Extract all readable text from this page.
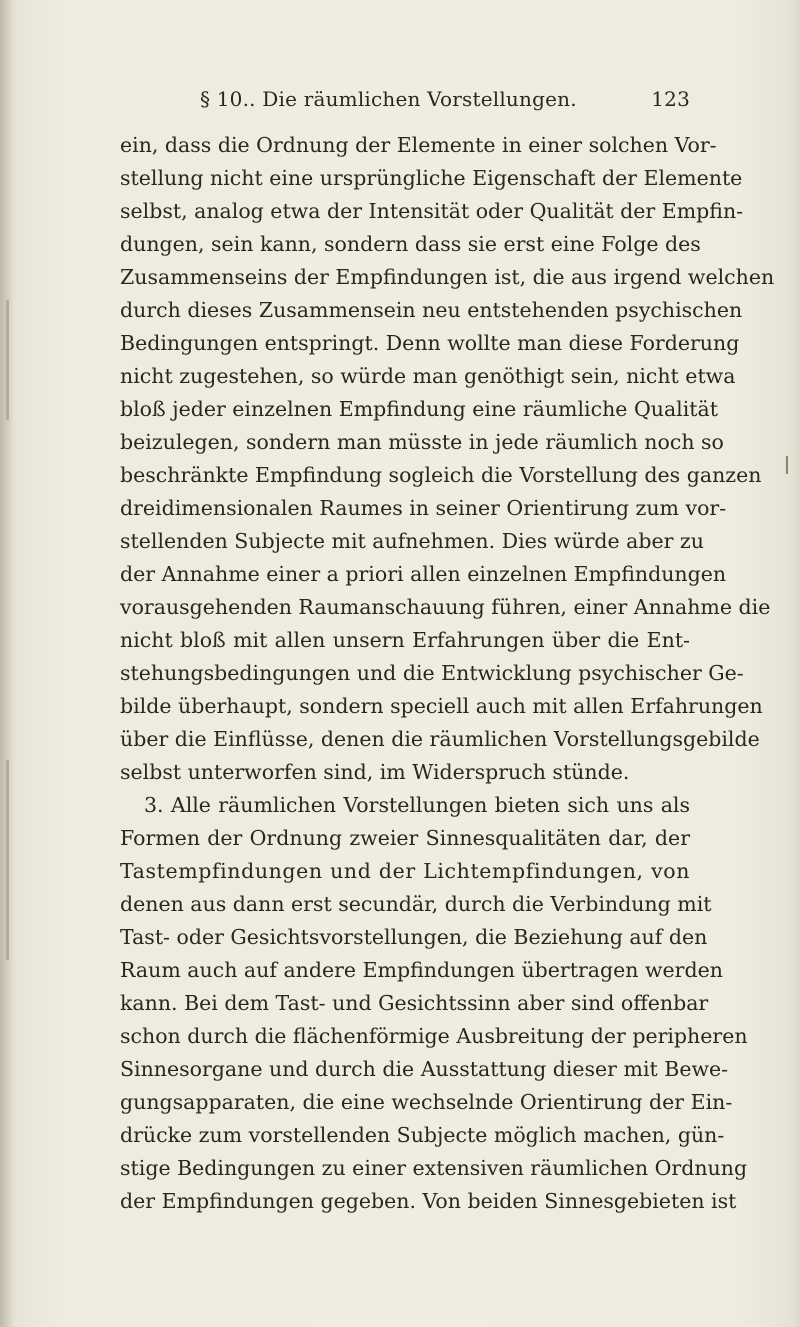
§ 10.. Die räumlichen Vorstellungen.	123
ein, dass die Ordnung der Elemente in einer solchen Vor-
stellung nicht eine ursprüngliche Eigenschaft der Elemente
selbst, analog etwa der Intensität oder Qualität der Empfin-
dungen, sein kann, sondern dass sie erst eine Folge des
Zusammenseins der Empfindungen ist, die aus irgend welchen
durch dieses Zusammensein neu entstehenden psychischen
Bedingungen entspringt. Denn wollte man diese Forderung
nicht zugestehen, so würde man genöthigt sein, nicht etwa
bloß jeder einzelnen Empfindung eine räumliche Qualität
beizulegen, sondern man müsste in jede räumlich noch so
beschränkte Empfindung sogleich die Vorstellung des ganzen
dreidimensionalen Raumes in seiner Orientirung zum vor-
stellenden Subjecte mit aufnehmen. Dies würde aber zu
der Annahme einer a priori allen einzelnen Empfindungen
vorausgehenden Raumanschauung führen, einer Annahme die
nicht bloß mit allen unsern Erfahrungen über die Ent-
stehungsbedingungen und die Entwicklung psychischer Ge-
bilde überhaupt, sondern speciell auch mit allen Erfahrungen
über die Einflüsse, denen die räumlichen Vorstellungsgebilde
selbst unterworfen sind, im Widerspruch stünde.
3. Alle räumlichen Vorstellungen bieten sich uns als
Formen der Ordnung zweier Sinnesqualitäten dar, der
Tastempfindungen und der Lichtempfindungen, von
denen aus dann erst secundär, durch die Verbindung mit
Tast- oder Gesichtsvorstellungen, die Beziehung auf den
Raum auch auf andere Empfindungen übertragen werden
kann. Bei dem Tast- und Gesichtssinn aber sind offenbar
schon durch die flächenförmige Ausbreitung der peripheren
Sinnesorgane und durch die Ausstattung dieser mit Bewe-
gungsapparaten, die eine wechselnde Orientirung der Ein-
drücke zum vorstellenden Subjecte möglich machen, gün-
stige Bedingungen zu einer extensiven räumlichen Ordnung
der Empfindungen gegeben. Von beiden Sinnesgebieten ist
